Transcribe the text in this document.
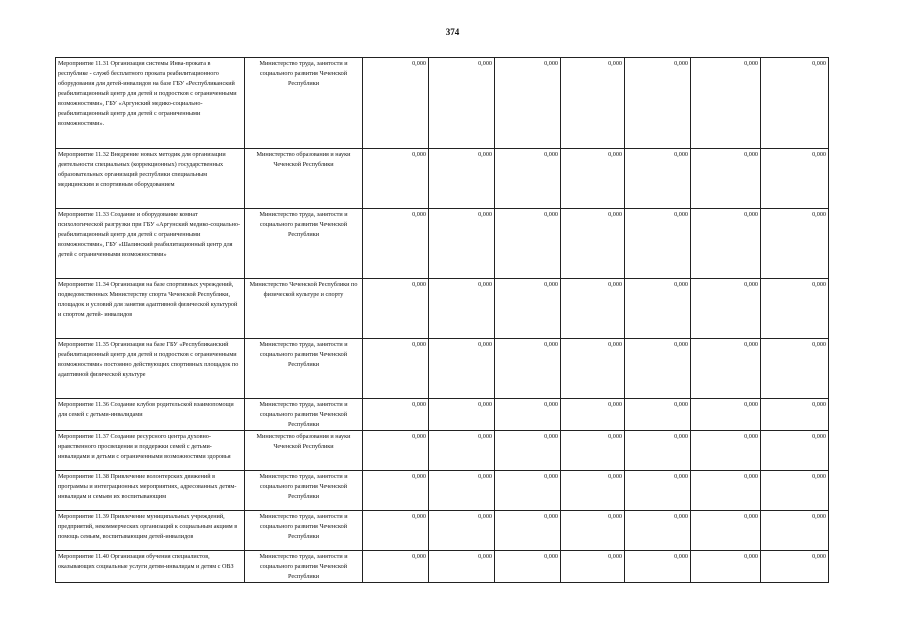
374
Мероприятие 11.31 Организация системы Инва-проката в республике - служб бесплатного проката реабилитационного оборудования для детей-инвалидов на базе ГБУ «Республиканский реабилитационный центр для детей и подростков с ограниченными возможностями», ГБУ «Аргунский медико-социально-реабилитационный центр для детей с ограниченными возможностями».	Министерство труда, занятости и социального развития Чеченской Республики	0,000	0,000	0,000	0,000	0,000	0,000	0,000
Мероприятие 11.32 Внедрение новых методик для организации деятельности специальных (коррекционных) государственных образовательных организаций республики специальным медицинским и спортивным оборудованием	Министерство образования и науки Чеченской Республики	0,000	0,000	0,000	0,000	0,000	0,000	0,000
Мероприятие 11.33 Создание и оборудование комнат психологической разгрузки при ГБУ «Аргунский медико-социально-реабилитационный центр для детей с ограниченными возможностями», ГБУ «Шалинский реабилитационный центр для детей с ограниченными возможностями»	Министерство труда, занятости и социального развития Чеченской Республики	0,000	0,000	0,000	0,000	0,000	0,000	0,000
Мероприятие 11.34 Организация на базе спортивных учреждений, подведомственных Министерству спорта Чеченской Республики, площадок и условий для занятия адаптивной физической культурой и спортом детей- инвалидов	Министерство Чеченской Республики по физической культуре и спорту	0,000	0,000	0,000	0,000	0,000	0,000	0,000
Мероприятие 11.35 Организация на базе ГБУ «Республиканский реабилитационный центр для детей и подростков с ограниченными возможностями» постоянно действующих спортивных площадок по адаптивной физической культуре	Министерство труда, занятости и социального развития Чеченской Республики	0,000	0,000	0,000	0,000	0,000	0,000	0,000
Мероприятие 11.36 Создание клубов родительской взаимопомощи для семей с детьми-инвалидами	Министерство труда, занятости и социального развития Чеченской Республики	0,000	0,000	0,000	0,000	0,000	0,000	0,000
Мероприятие 11.37 Создание ресурсного центра духовно-нравственного просвещения и поддержки семей с детьми-инвалидами и детьми с ограниченными возможностями здоровья	Министерство образования и науки Чеченской Республики	0,000	0,000	0,000	0,000	0,000	0,000	0,000
Мероприятие 11.38 Привлечение волонтерских движений в программы и интеграционных мероприятиях, адресованных детям-инвалидам и семьям их воспитывающим	Министерство труда, занятости и социального развития Чеченской Республики	0,000	0,000	0,000	0,000	0,000	0,000	0,000
Мероприятие 11.39 Привлечение муниципальных учреждений, предприятий, некоммерческих организаций к социальным акциям в помощь семьям, воспитывающим детей-инвалидов	Министерство труда, занятости и социального развития Чеченской Республики	0,000	0,000	0,000	0,000	0,000	0,000	0,000
Мероприятие 11.40 Организация обучения специалистов, оказывающих социальные услуги детям-инвалидам и детям с ОВЗ	Министерство труда, занятости и социального развития Чеченской Республики	0,000	0,000	0,000	0,000	0,000	0,000	0,000
